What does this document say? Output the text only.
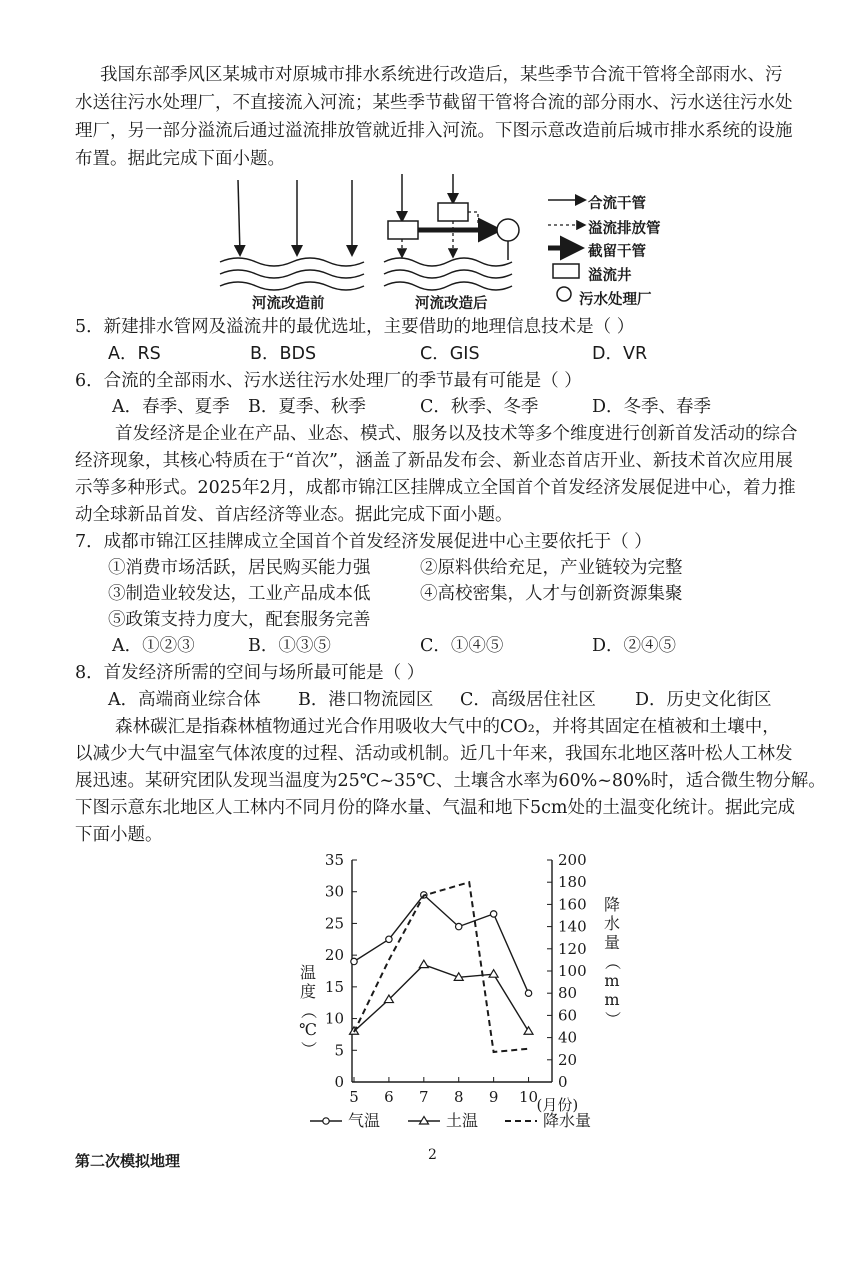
我国东部季风区某城市对原城市排水系统进行改造后，某些季节合流干管将全部雨水、污
水送往污水处理厂，不直接流入河流；某些季节截留干管将合流的部分雨水、污水送往污水处
理厂，另一部分溢流后通过溢流排放管就近排入河流。下图示意改造前后城市排水系统的设施
布置。据此完成下面小题。
河流改造前	河流改造后
合流干管
溢流排放管
截留干管
溢流井
污水处理厂
5．新建排水管网及溢流井的最优选址，主要借助的地理信息技术是（ ）
A．RS	B．BDS	C．GIS	D．VR
6．合流的全部雨水、污水送往污水处理厂的季节最有可能是（ ）
A．春季、夏季 B．夏季、秋季	C．秋季、冬季	D．冬季、春季
首发经济是企业在产品、业态、模式、服务以及技术等多个维度进行创新首发活动的综合
经济现象，其核心特质在于“首次”，涵盖了新品发布会、新业态首店开业、新技术首次应用展
示等多种形式。2025年2月，成都市锦江区挂牌成立全国首个首发经济发展促进中心，着力推
动全球新品首发、首店经济等业态。据此完成下面小题。
7．成都市锦江区挂牌成立全国首个首发经济发展促进中心主要依托于（ ）
①消费市场活跃，居民购买能力强	②原料供给充足，产业链较为完整
③制造业较发达，工业产品成本低	④高校密集，人才与创新资源集聚
⑤政策支持力度大，配套服务完善
A．①②③	B．①③⑤	C．①④⑤	D．②④⑤
8．首发经济所需的空间与场所最可能是（ ）
A．高端商业综合体 B．港口物流园区 C．高级居住社区 D．历史文化街区
森林碳汇是指森林植物通过光合作用吸收大气中的CO₂，并将其固定在植被和土壤中，
以减少大气中温室气体浓度的过程、活动或机制。近几十年来，我国东北地区落叶松人工林发
展迅速。某研究团队发现当温度为25℃~35℃、土壤含水率为60%~80%时，适合微生物分解。
下图示意东北地区人工林内不同月份的降水量、气温和地下5cm处的土温变化统计。据此完成
下面小题。
0
5
10
15
20
25
30
35
0
20
40
60
80
100
120
140
160
180
200
5 6 7 8 9 10
(月份)
温
度
（
℃
）
降
水
量
（
m
m
）
气温	土温	降水量
第二次模拟地理	2
